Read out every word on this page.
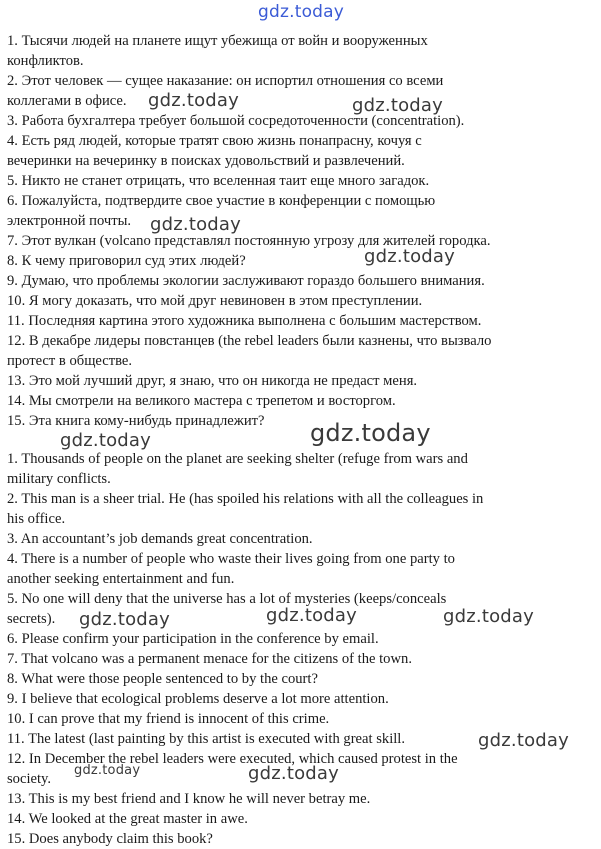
gdz.today
1. Тысячи людей на планете ищут убежища от войн и вооруженных
конфликтов.
2. Этот человек — сущее наказание: он испортил отношения со всеми
коллегами в офисе.
3. Работа бухгалтера требует большой сосредоточенности (concentration).
4. Есть ряд людей, которые тратят свою жизнь понапрасну, кочуя с
вечеринки на вечеринку в поисках удовольствий и развлечений.
5. Никто не станет отрицать, что вселенная таит еще много загадок.
6. Пожалуйста, подтвердите свое участие в конференции с помощью
электронной почты.
7. Этот вулкан (volcano представлял постоянную угрозу для жителей городка.
8. К чему приговорил суд этих людей?
9. Думаю, что проблемы экологии заслуживают гораздо большего внимания.
10. Я могу доказать, что мой друг невиновен в этом преступлении.
11. Последняя картина этого художника выполнена с большим мастерством.
12. В декабре лидеры повстанцев (the rebel leaders были казнены, что вызвало
протест в обществе.
13. Это мой лучший друг, я знаю, что он никогда не предаст меня.
14. Мы смотрели на великого мастера с трепетом и восторгом.
15. Эта книга кому-нибудь принадлежит?
1. Thousands of people on the planet are seeking shelter (refuge from wars and
military conflicts.
2. This man is a sheer trial. He (has spoiled his relations with all the colleagues in
his office.
3. An accountant’s job demands great concentration.
4. There is a number of people who waste their lives going from one party to
another seeking entertainment and fun.
5. No one will deny that the universe has a lot of mysteries (keeps/conceals
secrets).
6. Please confirm your participation in the conference by email.
7. That volcano was a permanent menace for the citizens of the town.
8. What were those people sentenced to by the court?
9. I believe that ecological problems deserve a lot more attention.
10. I can prove that my friend is innocent of this crime.
11. The latest (last painting by this artist is executed with great skill.
12. In December the rebel leaders were executed, which caused protest in the
society.
13. This is my best friend and I know he will never betray me.
14. We looked at the great master in awe.
15. Does anybody claim this book?
gdz.today	gdz.today
gdz.today
gdz.today
gdz.today	gdz.today
gdz.today	gdz.today	gdz.today
gdz.today
gdz.today	gdz.today
